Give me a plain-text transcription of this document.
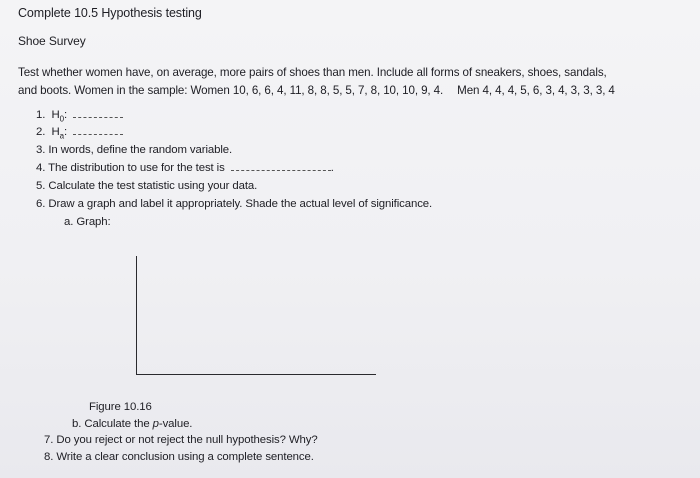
Complete 10.5 Hypothesis testing
Shoe Survey
Test whether women have, on average, more pairs of shoes than men. Include all forms of sneakers, shoes, sandals,
and boots. Women in the sample: Women 10, 6, 6, 4, 11, 8, 8, 5, 5, 7, 8, 10, 10, 9, 4. Men 4, 4, 4, 5, 6, 3, 4, 3, 3, 3, 4
1. $H_0$:
2. $H_a$:
3. In words, define the random variable.
4. The distribution to use for the test is	.
5. Calculate the test statistic using your data.
6. Draw a graph and label it appropriately. Shade the actual level of significance.
a. Graph:
Figure 10.16
b. Calculate the p-value.
7. Do you reject or not reject the null hypothesis? Why?
8. Write a clear conclusion using a complete sentence.
